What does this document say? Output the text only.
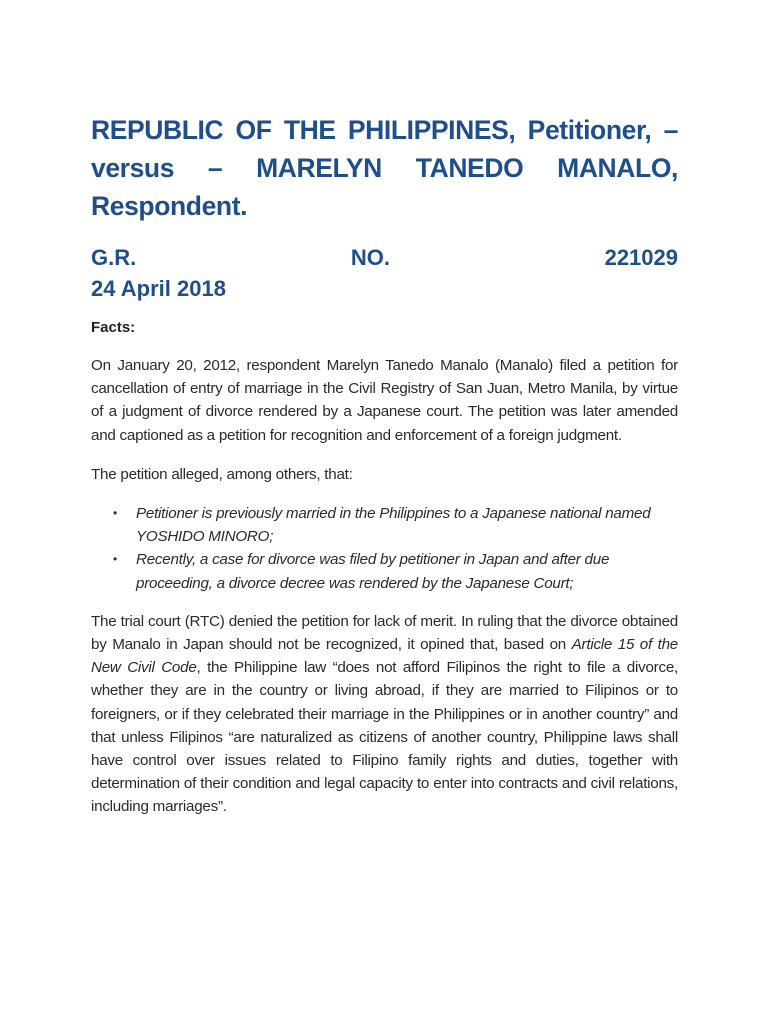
REPUBLIC OF THE PHILIPPINES, Petitioner, –
versus – MARELYN TANEDO MANALO,
Respondent.
G.R.	NO.	221029
24 April 2018
Facts:

On January 20, 2012, respondent Marelyn Tanedo Manalo (Manalo) filed a petition for cancellation of entry of marriage in the Civil Registry of San Juan, Metro Manila, by virtue of a judgment of divorce rendered by a Japanese court. The petition was later amended and captioned as a petition for recognition and enforcement of a foreign judgment.

The petition alleged, among others, that:

• Petitioner is previously married in the Philippines to a Japanese national named YOSHIDO MINORO;
• Recently, a case for divorce was filed by petitioner in Japan and after due proceeding, a divorce decree was rendered by the Japanese Court;

The trial court (RTC) denied the petition for lack of merit. In ruling that the divorce obtained by Manalo in Japan should not be recognized, it opined that, based on Article 15 of the New Civil Code, the Philippine law “does not afford Filipinos the right to file a divorce, whether they are in the country or living abroad, if they are married to Filipinos or to foreigners, or if they celebrated their marriage in the Philippines or in another country” and that unless Filipinos “are naturalized as citizens of another country, Philippine laws shall have control over issues related to Filipino family rights and duties, together with determination of their condition and legal capacity to enter into contracts and civil relations, including marriages”.
